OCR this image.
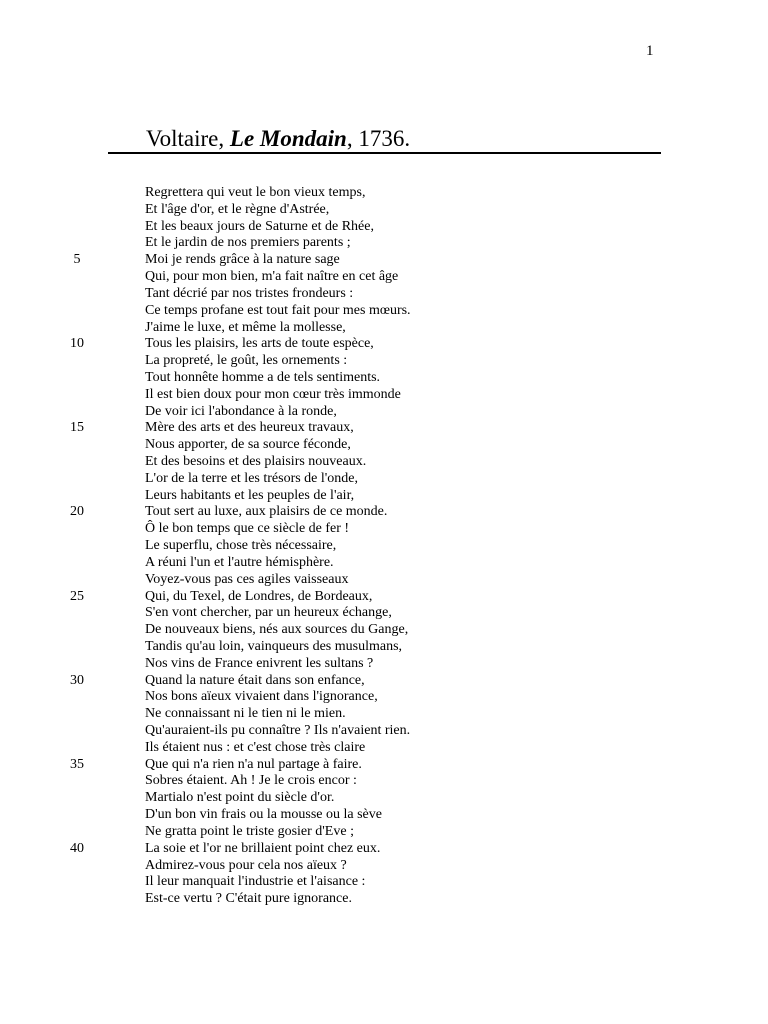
1
Voltaire, Le Mondain, 1736.
Regrettera qui veut le bon vieux temps,
Et l'âge d'or, et le règne d'Astrée,
Et les beaux jours de Saturne et de Rhée,
Et le jardin de nos premiers parents ;
5	Moi je rends grâce à la nature sage
Qui, pour mon bien, m'a fait naître en cet âge
Tant décrié par nos tristes frondeurs :
Ce temps profane est tout fait pour mes mœurs.
J'aime le luxe, et même la mollesse,
10	Tous les plaisirs, les arts de toute espèce,
La propreté, le goût, les ornements :
Tout honnête homme a de tels sentiments.
Il est bien doux pour mon cœur très immonde
De voir ici l'abondance à la ronde,
15	Mère des arts et des heureux travaux,
Nous apporter, de sa source féconde,
Et des besoins et des plaisirs nouveaux.
L'or de la terre et les trésors de l'onde,
Leurs habitants et les peuples de l'air,
20	Tout sert au luxe, aux plaisirs de ce monde.
Ô le bon temps que ce siècle de fer !
Le superflu, chose très nécessaire,
A réuni l'un et l'autre hémisphère.
Voyez-vous pas ces agiles vaisseaux
25	Qui, du Texel, de Londres, de Bordeaux,
S'en vont chercher, par un heureux échange,
De nouveaux biens, nés aux sources du Gange,
Tandis qu'au loin, vainqueurs des musulmans,
Nos vins de France enivrent les sultans ?
30	Quand la nature était dans son enfance,
Nos bons aïeux vivaient dans l'ignorance,
Ne connaissant ni le tien ni le mien.
Qu'auraient-ils pu connaître ? Ils n'avaient rien.
Ils étaient nus : et c'est chose très claire
35	Que qui n'a rien n'a nul partage à faire.
Sobres étaient. Ah ! Je le crois encor :
Martialo n'est point du siècle d'or.
D'un bon vin frais ou la mousse ou la sève
Ne gratta point le triste gosier d'Eve ;
40	La soie et l'or ne brillaient point chez eux.
Admirez-vous pour cela nos aïeux ?
Il leur manquait l'industrie et l'aisance :
Est-ce vertu ? C'était pure ignorance.
